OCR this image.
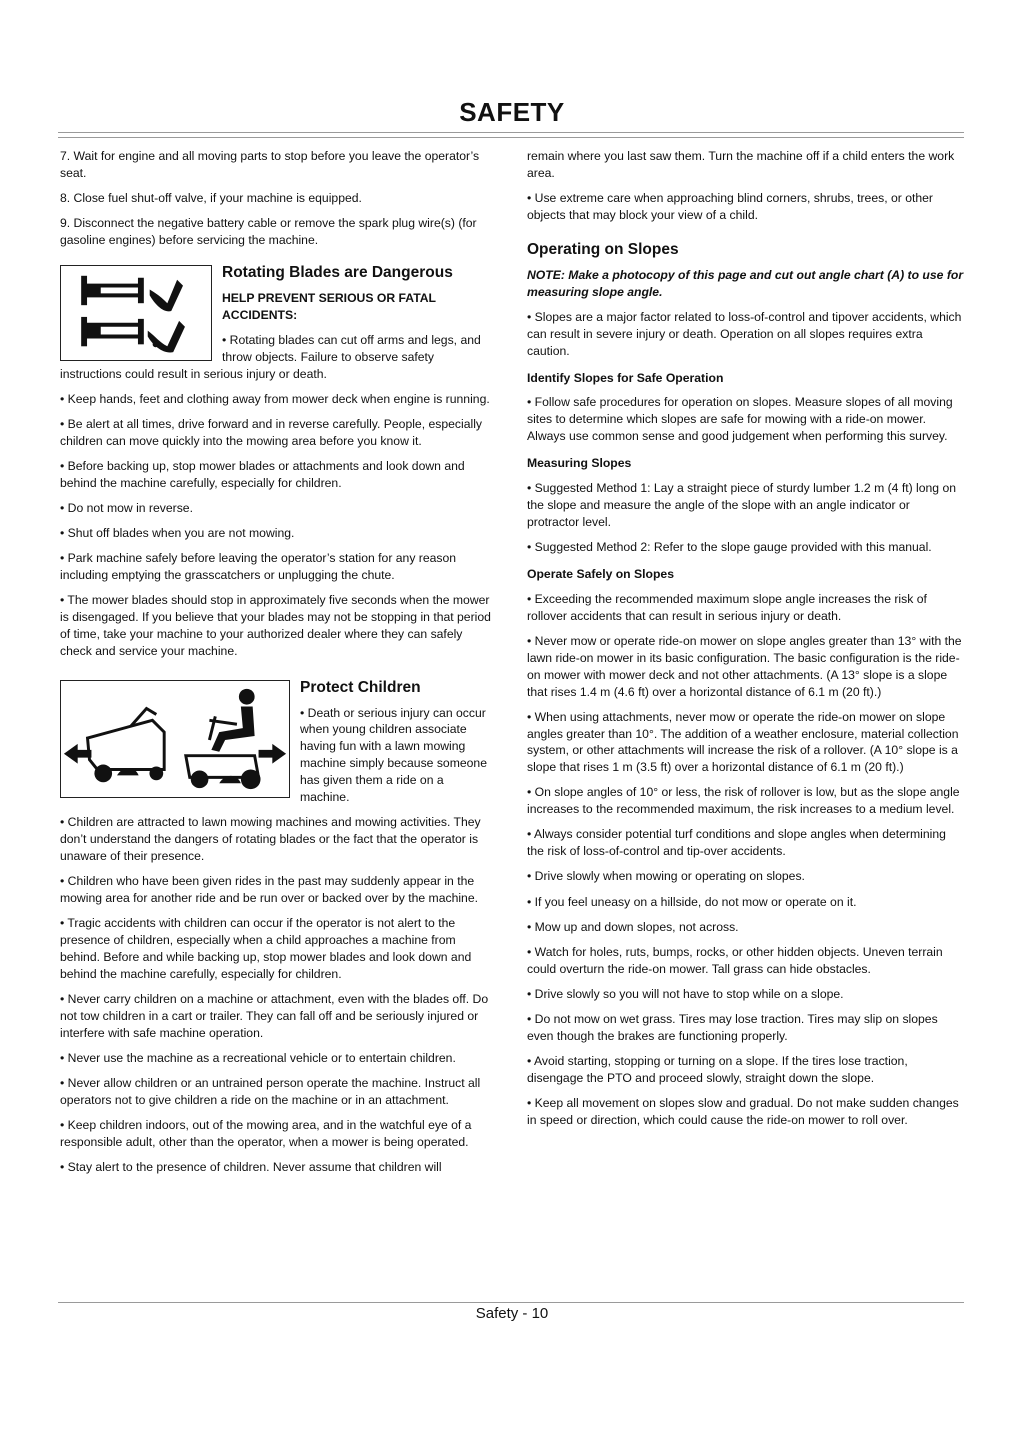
SAFETY

7. Wait for engine and all moving parts to stop before you leave the operator’s seat.

8. Close fuel shut-off valve, if your machine is equipped.

9. Disconnect the negative battery cable or remove the spark plug wire(s) (for gasoline engines) before servicing the machine.

Rotating Blades are Dangerous
HELP PREVENT SERIOUS OR FATAL ACCIDENTS:

• Rotating blades can cut off arms and legs, and throw objects. Failure to observe safety instructions could result in serious injury or death.

• Keep hands, feet and clothing away from mower deck when engine is running.

• Be alert at all times, drive forward and in reverse carefully. People, especially children can move quickly into the mowing area before you know it.

• Before backing up, stop mower blades or attachments and look down and behind the machine carefully, especially for children.

• Do not mow in reverse.

• Shut off blades when you are not mowing.

• Park machine safely before leaving the operator’s station for any reason including emptying the grasscatchers or unplugging the chute.

• The mower blades should stop in approximately five seconds when the mower is disengaged. If you believe that your blades may not be stopping in that period of time, take your machine to your authorized dealer where they can safely check and service your machine.

Protect Children

• Death or serious injury can occur when young children associate having fun with a lawn mowing machine simply because someone has given them a ride on a machine.

• Children are attracted to lawn mowing machines and mowing activities. They don’t understand the dangers of rotating blades or the fact that the operator is unaware of their presence.

• Children who have been given rides in the past may suddenly appear in the mowing area for another ride and be run over or backed over by the machine.

• Tragic accidents with children can occur if the operator is not alert to the presence of children, especially when a child approaches a machine from behind. Before and while backing up, stop mower blades and look down and behind the machine carefully, especially for children.

• Never carry children on a machine or attachment, even with the blades off. Do not tow children in a cart or trailer. They can fall off and be seriously injured or interfere with safe machine operation.

• Never use the machine as a recreational vehicle or to entertain children.

• Never allow children or an untrained person operate the machine. Instruct all operators not to give children a ride on the machine or in an attachment.

• Keep children indoors, out of the mowing area, and in the watchful eye of a responsible adult, other than the operator, when a mower is being operated.

• Stay alert to the presence of children. Never assume that children will

remain where you last saw them. Turn the machine off if a child enters the work area.

• Use extreme care when approaching blind corners, shrubs, trees, or other objects that may block your view of a child.

Operating on Slopes

NOTE: Make a photocopy of this page and cut out angle chart (A) to use for measuring slope angle.

• Slopes are a major factor related to loss-of-control and tipover accidents, which can result in severe injury or death. Operation on all slopes requires extra caution.

Identify Slopes for Safe Operation

• Follow safe procedures for operation on slopes. Measure slopes of all moving sites to determine which slopes are safe for mowing with a ride-on mower. Always use common sense and good judgement when performing this survey.

Measuring Slopes

• Suggested Method 1: Lay a straight piece of sturdy lumber 1.2 m (4 ft) long on the slope and measure the angle of the slope with an angle indicator or protractor level.

• Suggested Method 2: Refer to the slope gauge provided with this manual.

Operate Safely on Slopes

• Exceeding the recommended maximum slope angle increases the risk of rollover accidents that can result in serious injury or death.

• Never mow or operate ride-on mower on slope angles greater than 13° with the lawn ride-on mower in its basic configuration. The basic configuration is the ride-on mower with mower deck and not other attachments. (A 13° slope is a slope that rises 1.4 m (4.6 ft) over a horizontal distance of 6.1 m (20 ft).)

• When using attachments, never mow or operate the ride-on mower on slope angles greater than 10°. The addition of a weather enclosure, material collection system, or other attachments will increase the risk of a rollover. (A 10° slope is a slope that rises 1 m (3.5 ft) over a horizontal distance of 6.1 m (20 ft).)

• On slope angles of 10° or less, the risk of rollover is low, but as the slope angle increases to the recommended maximum, the risk increases to a medium level.

• Always consider potential turf conditions and slope angles when determining the risk of loss-of-control and tip-over accidents.

• Drive slowly when mowing or operating on slopes.

• If you feel uneasy on a hillside, do not mow or operate on it.

• Mow up and down slopes, not across.

• Watch for holes, ruts, bumps, rocks, or other hidden objects. Uneven terrain could overturn the ride-on mower. Tall grass can hide obstacles.

• Drive slowly so you will not have to stop while on a slope.

• Do not mow on wet grass. Tires may lose traction. Tires may slip on slopes even though the brakes are functioning properly.

• Avoid starting, stopping or turning on a slope. If the tires lose traction, disengage the PTO and proceed slowly, straight down the slope.

• Keep all movement on slopes slow and gradual. Do not make sudden changes in speed or direction, which could cause the ride-on mower to roll over.

Safety - 10
